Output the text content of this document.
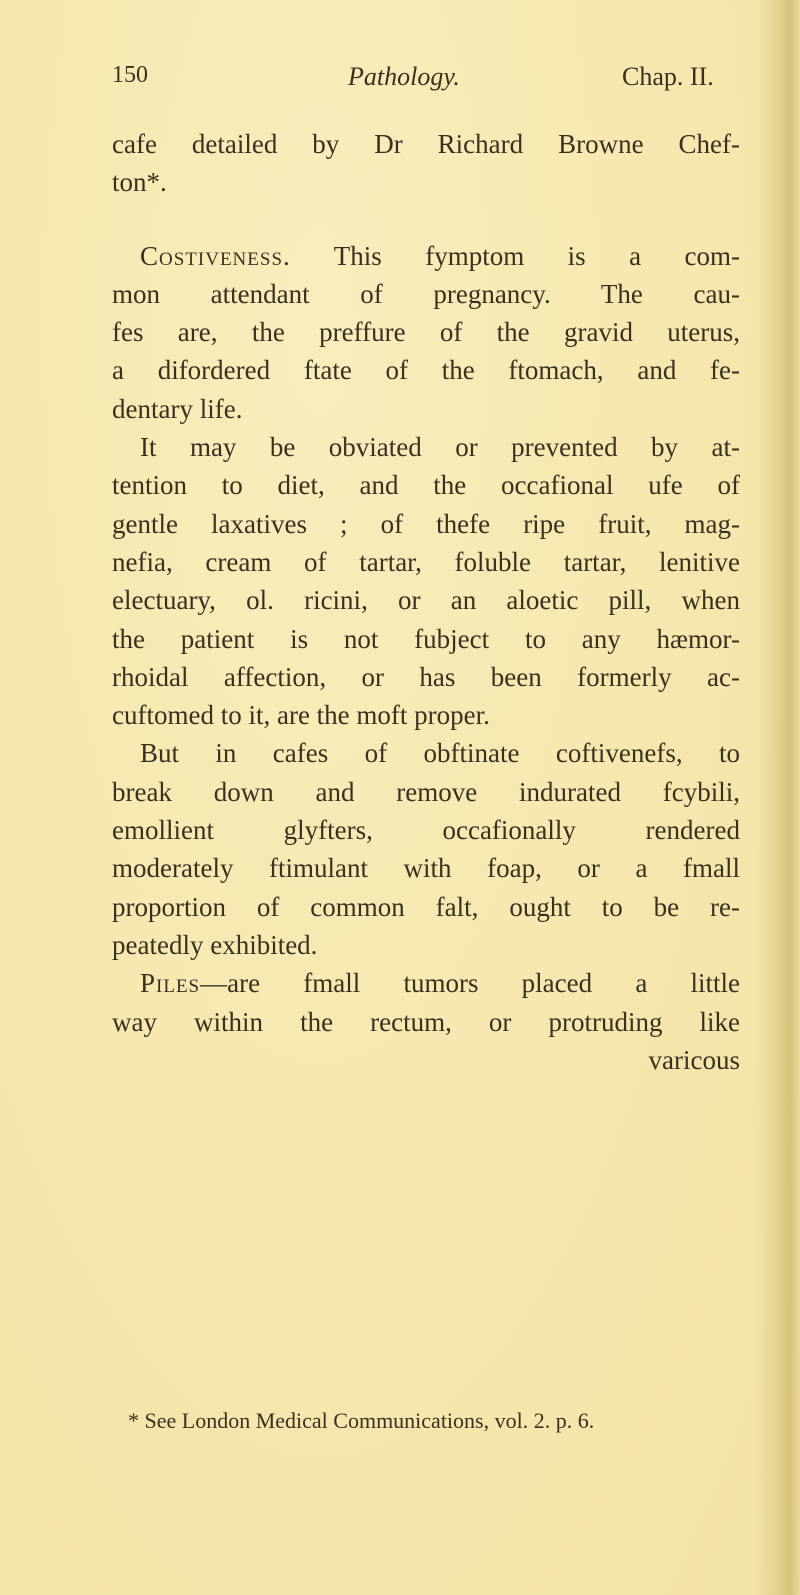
150	Pathology.	Chap. II.
cafe detailed by Dr Richard Browne Chef-
ton*.
Costiveness. This fymptom is a com-
mon attendant of pregnancy. The cau-
fes are, the preffure of the gravid uterus,
a difordered ftate of the ftomach, and fe-
dentary life.
It may be obviated or prevented by at-
tention to diet, and the occafional ufe of
gentle laxatives ; of thefe ripe fruit, mag-
nefia, cream of tartar, foluble tartar, lenitive
electuary, ol. ricini, or an aloetic pill, when
the patient is not fubject to any hæmor-
rhoidal affection, or has been formerly ac-
cuftomed to it, are the moft proper.
But in cafes of obftinate coftivenefs, to
break down and remove indurated fcybili,
emollient glyfters, occafionally rendered
moderately ftimulant with foap, or a fmall
proportion of common falt, ought to be re-
peatedly exhibited.
Piles—are fmall tumors placed a little
way within the rectum, or protruding like
varicous
* See London Medical Communications, vol. 2. p. 6.
